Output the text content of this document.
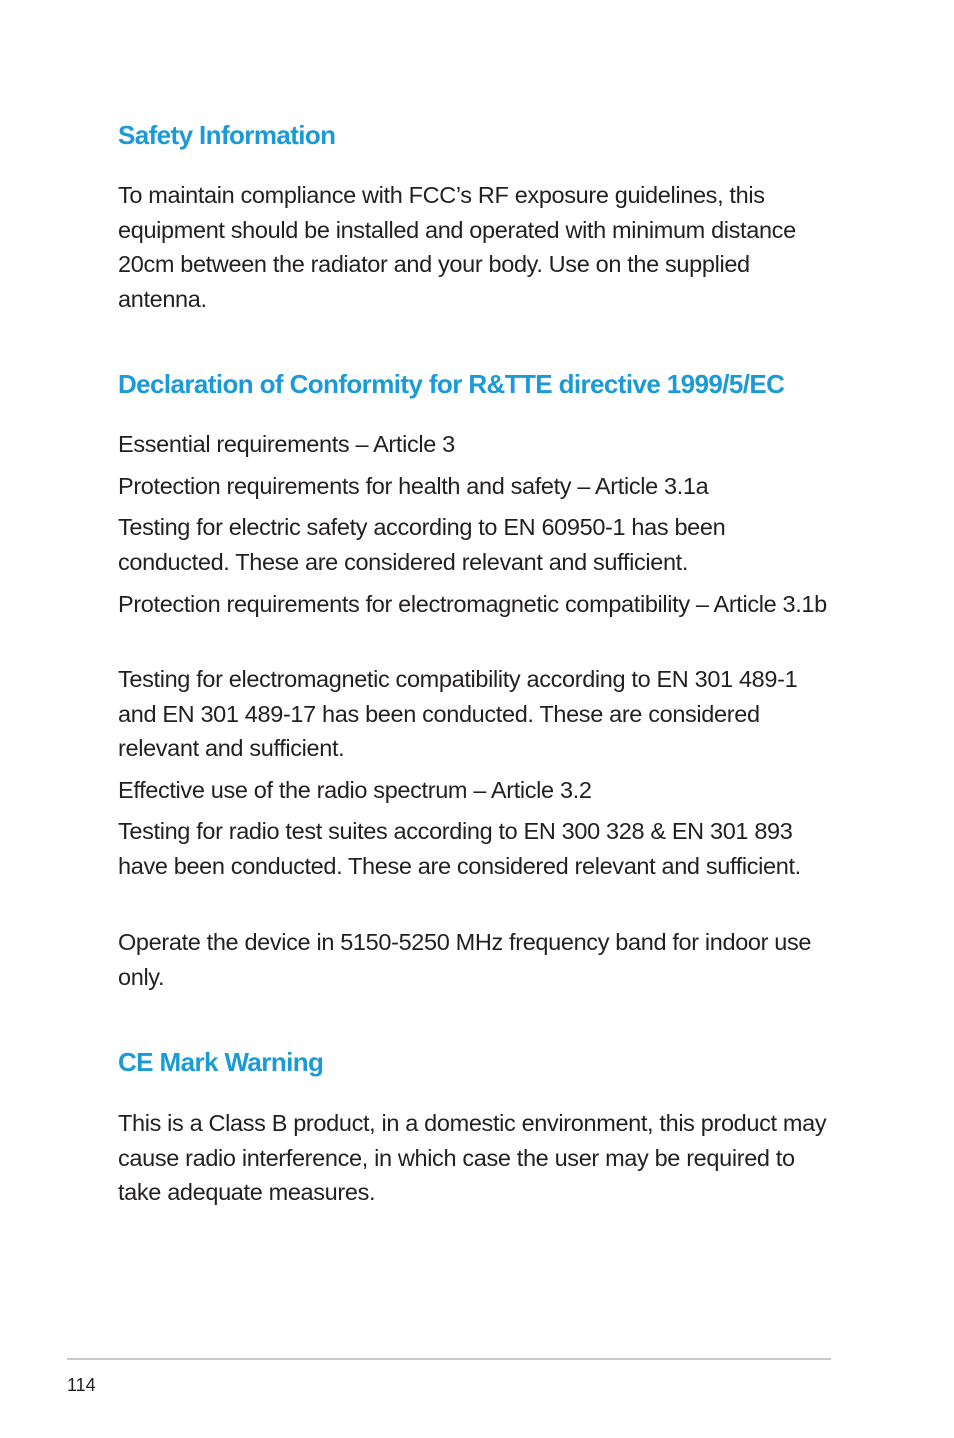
Safety Information

To maintain compliance with FCC’s RF exposure guidelines, this equipment should be installed and operated with minimum distance 20cm between the radiator and your body. Use on the supplied antenna.

Declaration of Conformity for R&TTE directive 1999/5/EC

Essential requirements – Article 3

Protection requirements for health and safety – Article 3.1a

Testing for electric safety according to EN 60950-1 has been conducted. These are considered relevant and sufficient.

Protection requirements for electromagnetic compatibility – Article 3.1b

Testing for electromagnetic compatibility according to EN 301 489-1 and EN 301 489-17 has been conducted. These are considered relevant and sufficient.

Effective use of the radio spectrum – Article 3.2

Testing for radio test suites according to EN 300 328 & EN 301 893 have been conducted. These are considered relevant and sufficient.

Operate the device in 5150-5250 MHz frequency band for indoor use only.

CE Mark Warning

This is a Class B product, in a domestic environment, this product may cause radio interference, in which case the user may be required to take adequate measures.

114
